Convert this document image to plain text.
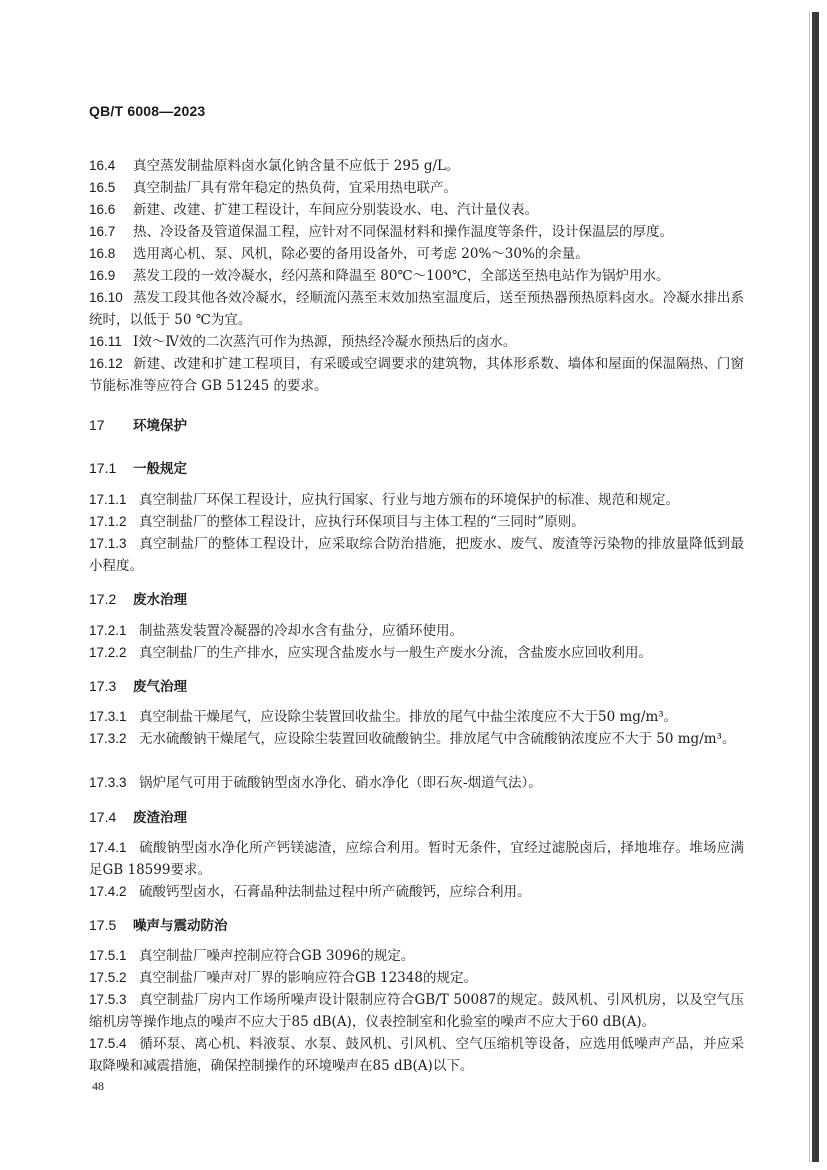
QB/T 6008—2023
16.4 真空蒸发制盐原料卤水氯化钠含量不应低于 295 g/L。
16.5 真空制盐厂具有常年稳定的热负荷，宜采用热电联产。
16.6 新建、改建、扩建工程设计，车间应分别装设水、电、汽计量仪表。
16.7 热、冷设备及管道保温工程，应针对不同保温材料和操作温度等条件，设计保温层的厚度。
16.8 选用离心机、泵、风机，除必要的备用设备外，可考虑 20%～30%的余量。
16.9 蒸发工段的一效冷凝水，经闪蒸和降温至 80℃～100℃，全部送至热电站作为锅炉用水。
16.10 蒸发工段其他各效冷凝水，经顺流闪蒸至末效加热室温度后，送至预热器预热原料卤水。冷凝水排出系统时，以低于 50 ℃为宜。
16.11 Ⅰ效～Ⅳ效的二次蒸汽可作为热源，预热经冷凝水预热后的卤水。
16.12 新建、改建和扩建工程项目，有采暖或空调要求的建筑物，其体形系数、墙体和屋面的保温隔热、门窗节能标准等应符合 GB 51245 的要求。
17 环境保护
17.1 一般规定
17.1.1 真空制盐厂环保工程设计，应执行国家、行业与地方颁布的环境保护的标准、规范和规定。
17.1.2 真空制盐厂的整体工程设计，应执行环保项目与主体工程的“三同时”原则。
17.1.3 真空制盐厂的整体工程设计，应采取综合防治措施，把废水、废气、废渣等污染物的排放量降低到最小程度。
17.2 废水治理
17.2.1 制盐蒸发装置冷凝器的冷却水含有盐分，应循环使用。
17.2.2 真空制盐厂的生产排水，应实现含盐废水与一般生产废水分流，含盐废水应回收利用。
17.3 废气治理
17.3.1 真空制盐干燥尾气，应设除尘装置回收盐尘。排放的尾气中盐尘浓度应不大于50 mg/m³。
17.3.2 无水硫酸钠干燥尾气，应设除尘装置回收硫酸钠尘。排放尾气中含硫酸钠浓度应不大于 50 mg/m³。
17.3.3 锅炉尾气可用于硫酸钠型卤水净化、硝水净化（即石灰-烟道气法）。
17.4 废渣治理
17.4.1 硫酸钠型卤水净化所产钙镁滤渣，应综合利用。暂时无条件，宜经过滤脱卤后，择地堆存。堆场应满足GB 18599要求。
17.4.2 硫酸钙型卤水，石膏晶种法制盐过程中所产硫酸钙，应综合利用。
17.5 噪声与震动防治
17.5.1 真空制盐厂噪声控制应符合GB 3096的规定。
17.5.2 真空制盐厂噪声对厂界的影响应符合GB 12348的规定。
17.5.3 真空制盐厂房内工作场所噪声设计限制应符合GB/T 50087的规定。鼓风机、引风机房，以及空气压缩机房等操作地点的噪声不应大于85 dB(A)，仪表控制室和化验室的噪声不应大于60 dB(A)。
17.5.4 循环泵、离心机、料液泵、水泵、鼓风机、引风机、空气压缩机等设备，应选用低噪声产品，并应采取降噪和减震措施，确保控制操作的环境噪声在85 dB(A)以下。
48
